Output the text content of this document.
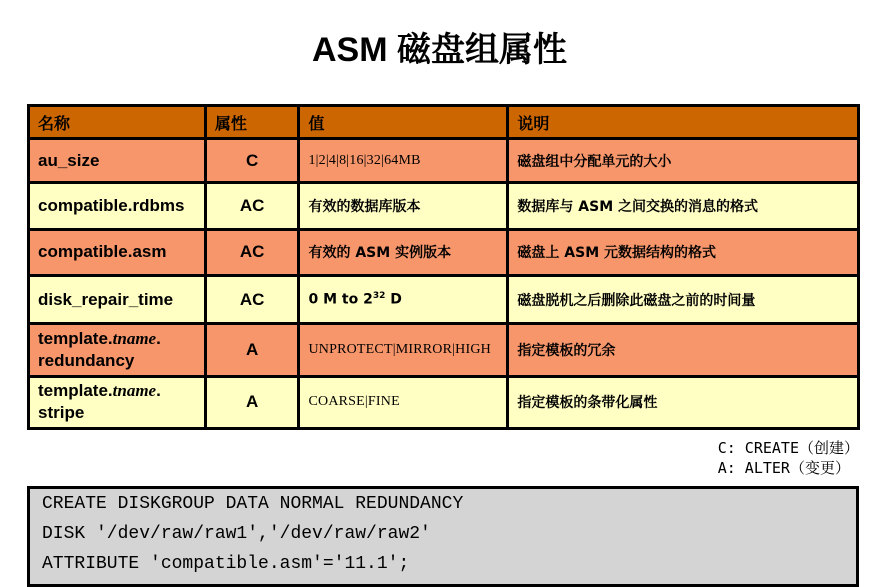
ASM 磁盘组属性
名称	属性	值	说明
au_size	C	1|2|4|8|16|32|64MB	磁盘组中分配单元的大小
compatible.rdbms	AC	有效的数据库版本	数据库与 ASM 之间交换的消息的格式
compatible.asm	AC	有效的 ASM 实例版本	磁盘上 ASM 元数据结构的格式
disk_repair_time	AC	0 M to $2^{32}$ D	磁盘脱机之后删除此磁盘之前的时间量
template.tname.
redundancy	A	UNPROTECT|MIRROR|HIGH	指定模板的冗余
template.tname.
stripe	A	COARSE|FINE	指定模板的条带化属性
C: CREATE（创建）
A: ALTER（变更）
CREATE DISKGROUP DATA NORMAL REDUNDANCY
DISK '/dev/raw/raw1','/dev/raw/raw2'
ATTRIBUTE 'compatible.asm'='11.1';
